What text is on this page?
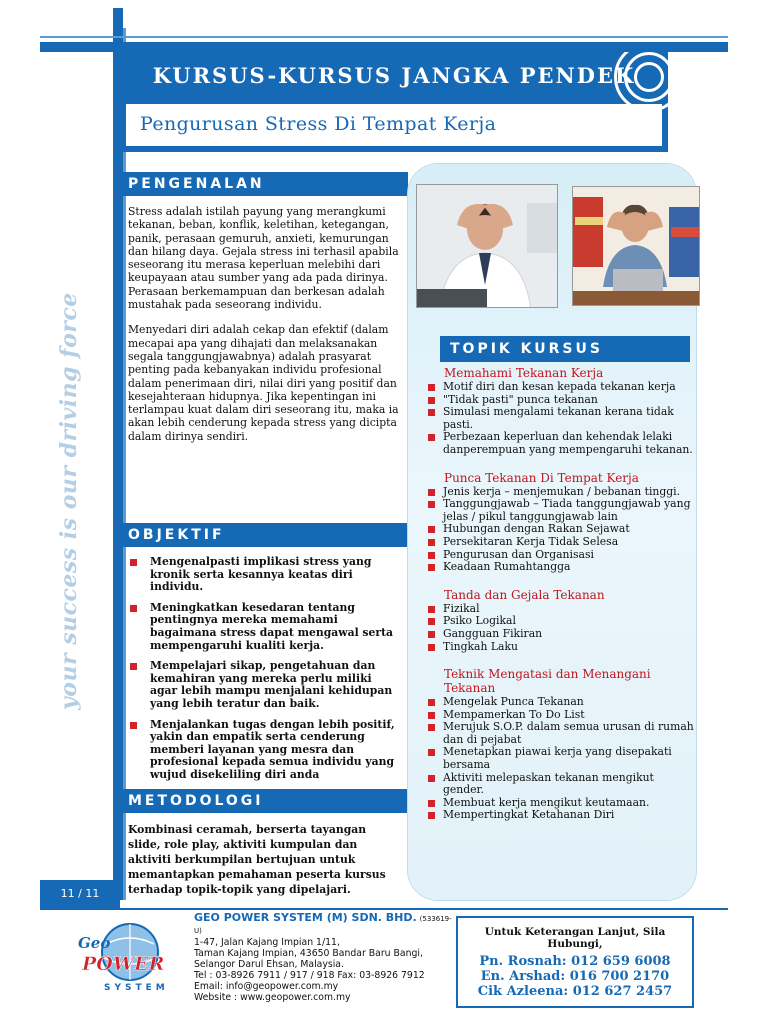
KURSUS-KURSUS JANGKA PENDEK
Pengurusan Stress Di Tempat Kerja
your success is our driving force
PENGENALAN

Stress adalah istilah payung yang merangkumi tekanan, beban, konflik, keletihan, ketegangan, panik, perasaan gemuruh, anxieti, kemurungan dan hilang daya. Gejala stress ini terhasil apabila seseorang itu merasa keperluan melebihi dari keupayaan atau sumber yang ada pada dirinya. Perasaan berkemampuan dan berkesan adalah mustahak pada seseorang individu.

Menyedari diri adalah cekap dan efektif (dalam mecapai apa yang dihajati dan melaksanakan segala tanggungjawabnya) adalah prasyarat penting pada kebanyakan individu profesional dalam penerimaan diri, nilai diri yang positif dan kesejahteraan hidupnya. Jika kepentingan ini terlampau kuat dalam diri seseorang itu, maka ia akan lebih cenderung kepada stress yang dicipta dalam dirinya sendiri.

OBJEKTIF
Mengenalpasti implikasi stress yang kronik serta kesannya keatas diri individu.
Meningkatkan kesedaran tentang pentingnya mereka memahami bagaimana stress dapat mengawal serta mempengaruhi kualiti kerja.
Mempelajari sikap, pengetahuan dan kemahiran yang mereka perlu miliki agar lebih mampu menjalani kehidupan yang lebih teratur dan baik.
Menjalankan tugas dengan lebih positif, yakin dan empatik serta cenderung memberi layanan yang mesra dan profesional kepada semua individu yang wujud disekeliling diri anda
METODOLOGI

Kombinasi ceramah, berserta tayangan slide, role play, aktiviti kumpulan dan aktiviti berkumpilan bertujuan untuk memantapkan pemahaman peserta kursus terhadap topik-topik yang dipelajari.

TOPIK KURSUS
Memahami Tekanan Kerja
Motif diri dan kesan kepada tekanan kerja
"Tidak pasti" punca tekanan
Simulasi mengalami tekanan kerana tidak pasti.
Perbezaan keperluan dan kehendak lelaki danperempuan yang mempengaruhi tekanan.
Punca Tekanan Di Tempat Kerja
Jenis kerja – menjemukan / bebanan tinggi.
Tanggungjawab – Tiada tanggungjawab yang jelas / pikul tanggungjawab lain
Hubungan dengan Rakan Sejawat
Persekitaran Kerja Tidak Selesa
Pengurusan dan Organisasi
Keadaan Rumahtangga
Tanda dan Gejala Tekanan
Fizikal
Psiko Logikal
Gangguan Fikiran
Tingkah Laku
Teknik Mengatasi dan Menangani Tekanan
Mengelak Punca Tekanan
Mempamerkan To Do List
Merujuk S.O.P. dalam semua urusan di rumah dan di pejabat
Menetapkan piawai kerja yang disepakati bersama
Aktiviti melepaskan tekanan mengikut gender.
Membuat kerja mengikut keutamaan.
Mempertingkat Ketahanan Diri
11 / 11
Geo
POWER
SYSTEM
GEO POWER SYSTEM (M) SDN. BHD. (533619-U)
1-47, Jalan Kajang Impian 1/11,
Taman Kajang Impian, 43650 Bandar Baru Bangi,
Selangor Darul Ehsan, Malaysia.
Tel : 03-8926 7911 / 917 / 918 Fax: 03-8926 7912
Email: info@geopower.com.my
Website : www.geopower.com.my
Untuk Keterangan Lanjut, Sila Hubungi,
Pn. Rosnah: 012 659 6008
En. Arshad: 016 700 2170
Cik Azleena: 012 627 2457
